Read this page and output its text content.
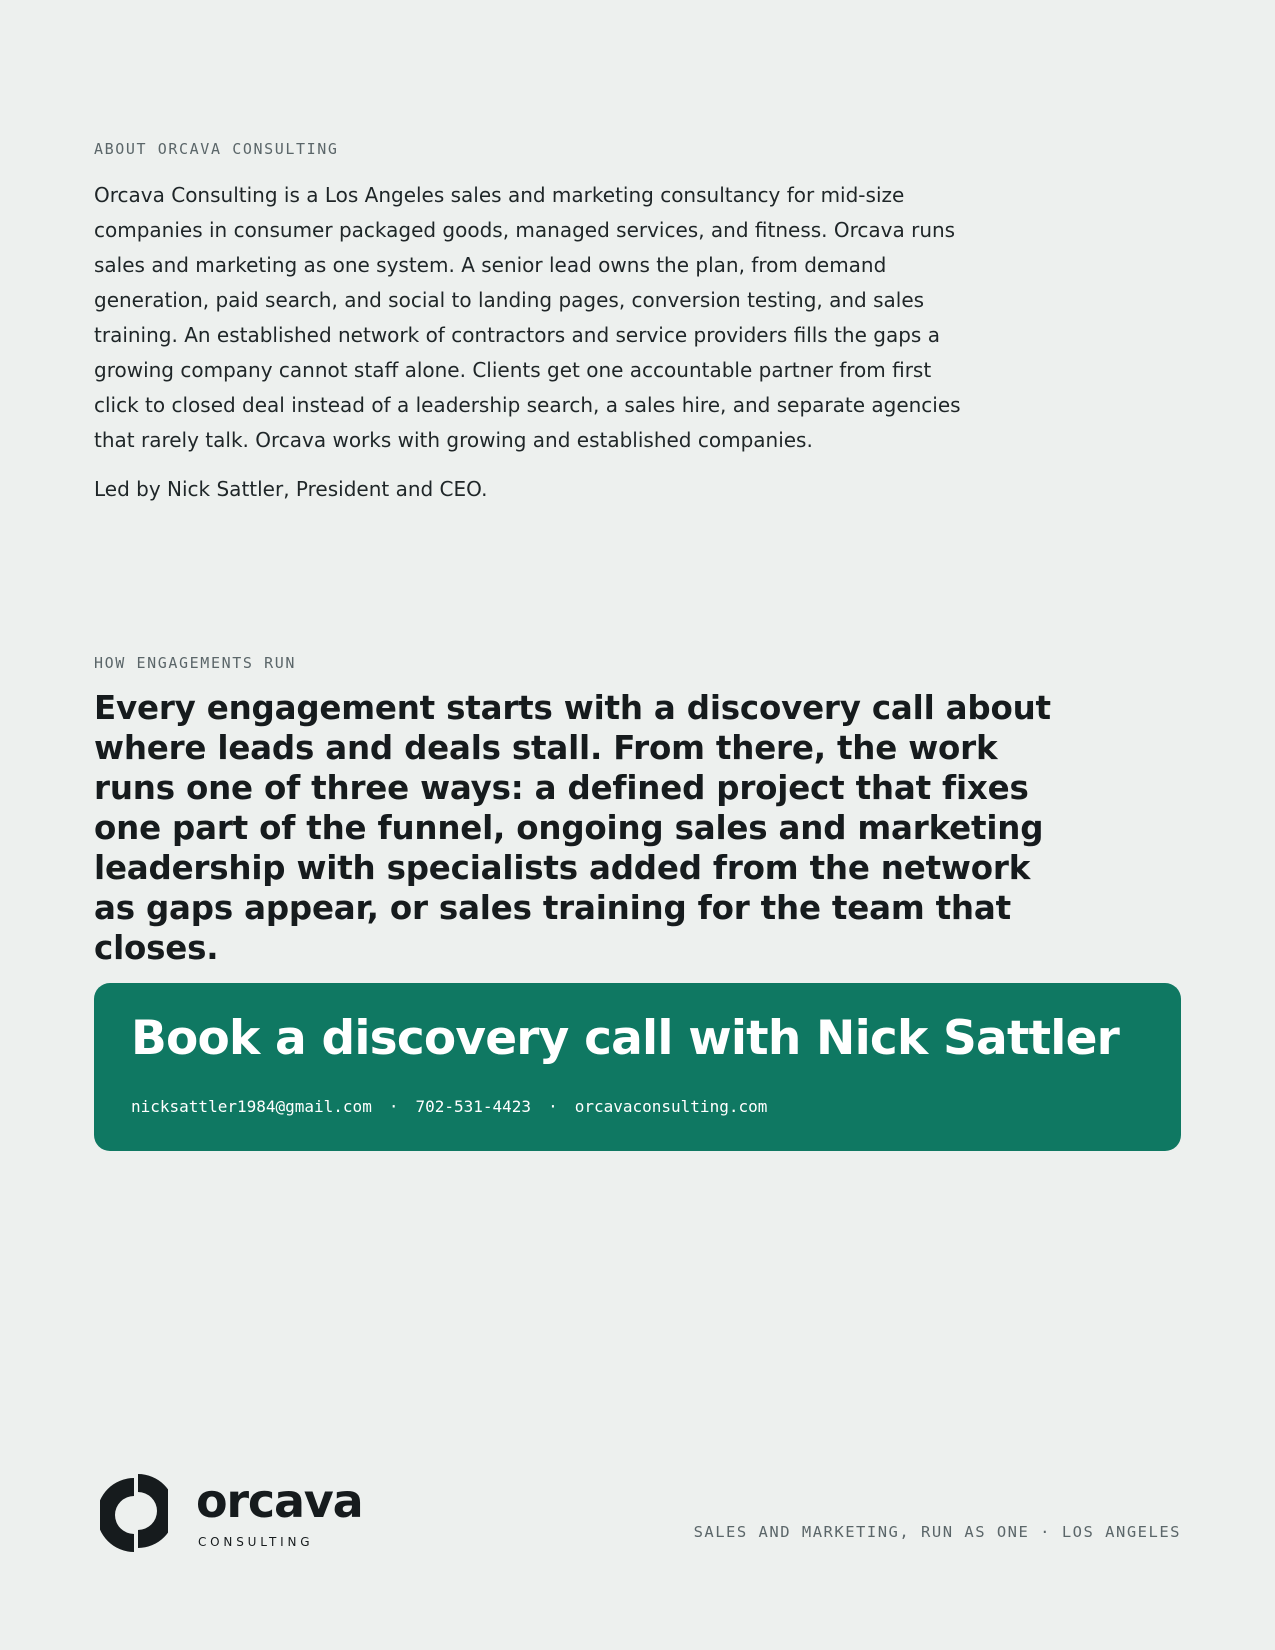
ABOUT ORCAVA CONSULTING

Orcava Consulting is a Los Angeles sales and marketing consultancy for mid-size companies in consumer packaged goods, managed services, and fitness. Orcava runs sales and marketing as one system. A senior lead owns the plan, from demand generation, paid search, and social to landing pages, conversion testing, and sales training. An established network of contractors and service providers fills the gaps a growing company cannot staff alone. Clients get one accountable partner from first click to closed deal instead of a leadership search, a sales hire, and separate agencies that rarely talk. Orcava works with growing and established companies.

Led by Nick Sattler, President and CEO.

HOW ENGAGEMENTS RUN
Every engagement starts with a discovery call about where leads and deals stall. From there, the work runs one of three ways: a defined project that fixes one part of the funnel, ongoing sales and marketing leadership with specialists added from the network as gaps appear, or sales training for the team that closes.
Book a discovery call with Nick Sattler
nicksattler1984@gmail.com · 702-531-4423 · orcavaconsulting.com
orcava
CONSULTING
SALES AND MARKETING, RUN AS ONE · LOS ANGELES
